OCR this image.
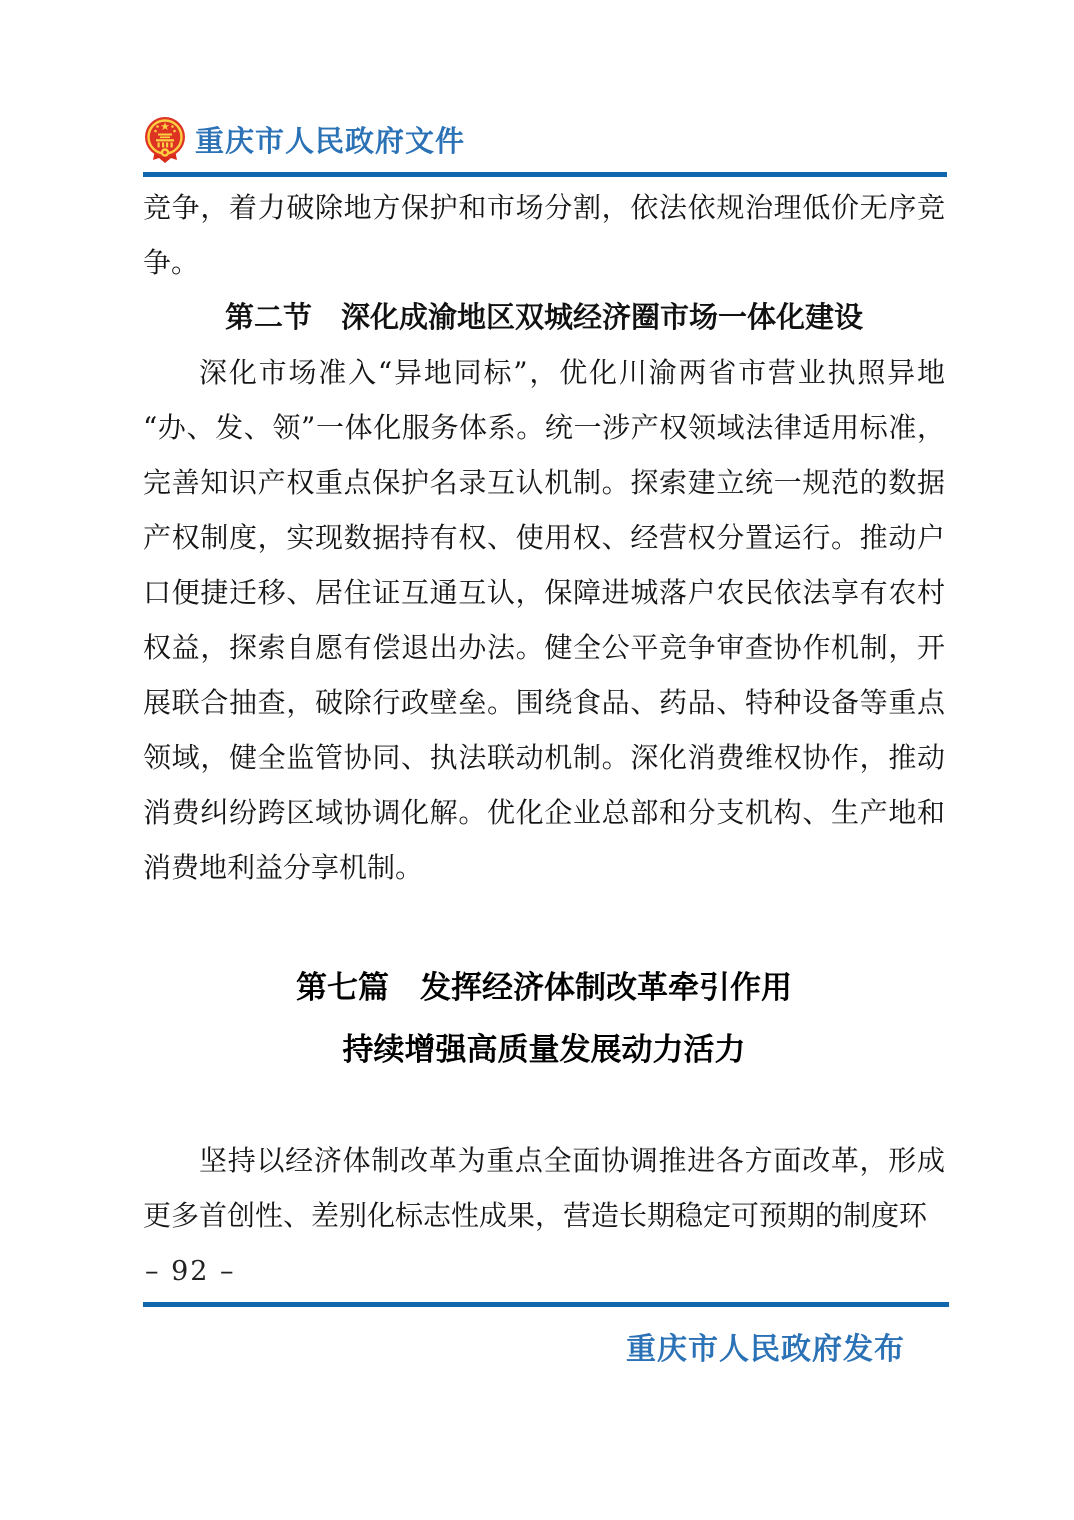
重庆市人民政府文件

竞争，着力破除地方保护和市场分割，依法依规治理低价无序竞争。

第二节　深化成渝地区双城经济圈市场一体化建设

深化市场准入“异地同标”，优化川渝两省市营业执照异地“办、发、领”一体化服务体系。统一涉产权领域法律适用标准，完善知识产权重点保护名录互认机制。探索建立统一规范的数据产权制度，实现数据持有权、使用权、经营权分置运行。推动户口便捷迁移、居住证互通互认，保障进城落户农民依法享有农村权益，探索自愿有偿退出办法。健全公平竞争审查协作机制，开展联合抽查，破除行政壁垒。围绕食品、药品、特种设备等重点领域，健全监管协同、执法联动机制。深化消费维权协作，推动消费纠纷跨区域协调化解。优化企业总部和分支机构、生产地和消费地利益分享机制。

第七篇　发挥经济体制改革牵引作用
持续增强高质量发展动力活力

坚持以经济体制改革为重点全面协调推进各方面改革，形成更多首创性、差别化标志性成果，营造长期稳定可预期的制度环

– 92 –
重庆市人民政府发布
